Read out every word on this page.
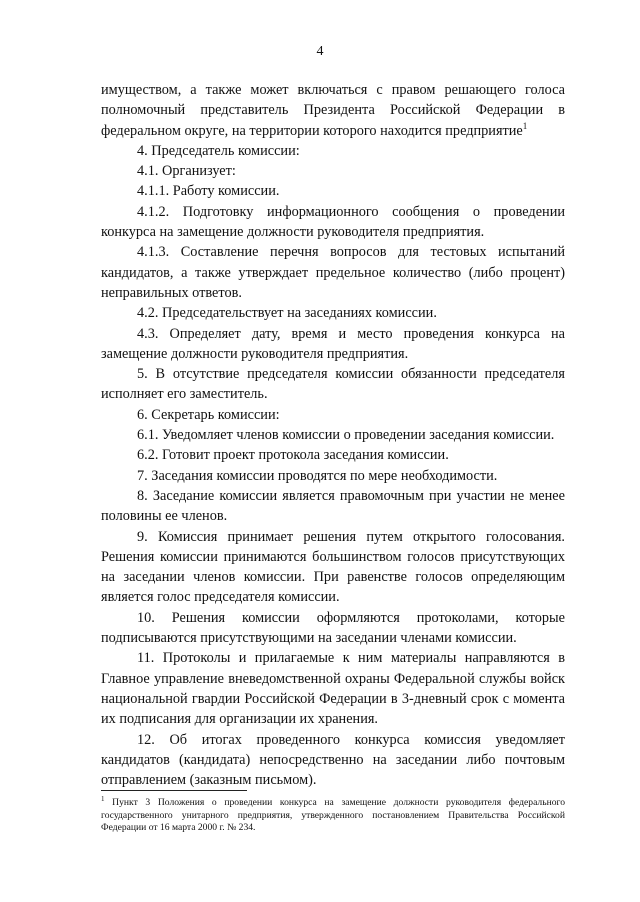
4

имуществом, а также может включаться с правом решающего голоса полномочный представитель Президента Российской Федерации в федеральном округе, на территории которого находится предприятие$^1$

4. Председатель комиссии:

4.1. Организует:

4.1.1. Работу комиссии.

4.1.2. Подготовку информационного сообщения о проведении конкурса на замещение должности руководителя предприятия.

4.1.3. Составление перечня вопросов для тестовых испытаний кандидатов, а также утверждает предельное количество (либо процент) неправильных ответов.

4.2. Председательствует на заседаниях комиссии.

4.3. Определяет дату, время и место проведения конкурса на замещение должности руководителя предприятия.

5. В отсутствие председателя комиссии обязанности председателя исполняет его заместитель.

6. Секретарь комиссии:

6.1. Уведомляет членов комиссии о проведении заседания комиссии.

6.2. Готовит проект протокола заседания комиссии.

7. Заседания комиссии проводятся по мере необходимости.

8. Заседание комиссии является правомочным при участии не менее половины ее членов.

9. Комиссия принимает решения путем открытого голосования. Решения комиссии принимаются большинством голосов присутствующих на заседании членов комиссии. При равенстве голосов определяющим является голос председателя комиссии.

10. Решения комиссии оформляются протоколами, которые подписываются присутствующими на заседании членами комиссии.

11. Протоколы и прилагаемые к ним материалы направляются в Главное управление вневедомственной охраны Федеральной службы войск национальной гвардии Российской Федерации в 3-дневный срок с момента их подписания для организации их хранения.

12. Об итогах проведенного конкурса комиссия уведомляет кандидатов (кандидата) непосредственно на заседании либо почтовым отправлением (заказным письмом).

$^1$ Пункт 3 Положения о проведении конкурса на замещение должности руководителя федерального государственного унитарного предприятия, утвержденного постановлением Правительства Российской Федерации от 16 марта 2000 г. № 234.
